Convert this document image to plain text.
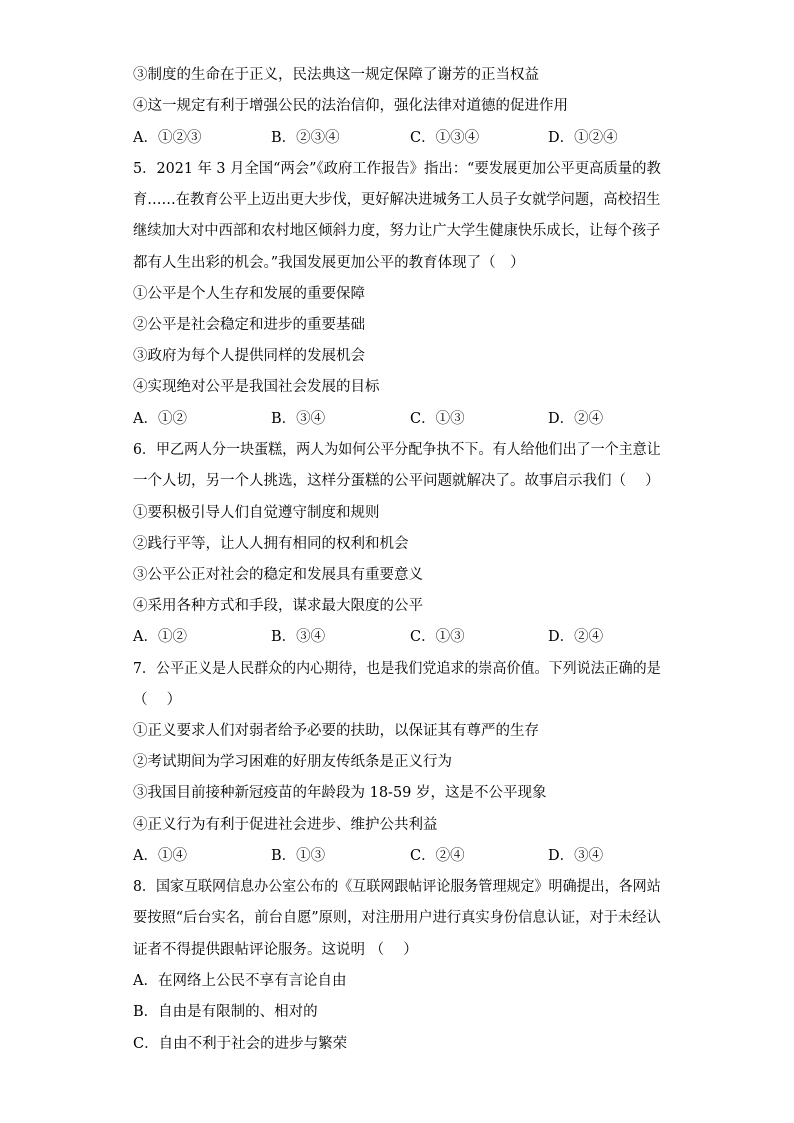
③制度的生命在于正义，民法典这一规定保障了谢芳的正当权益
④这一规定有利于增强公民的法治信仰，强化法律对道德的促进作用
A．①②③	B．②③④	C．①③④	D．①②④
5．2021 年 3 月全国“两会”《政府工作报告》指出：“要发展更加公平更高质量的教
育……在教育公平上迈出更大步伐，更好解决进城务工人员子女就学问题，高校招生
继续加大对中西部和农村地区倾斜力度，努力让广大学生健康快乐成长，让每个孩子
都有人生出彩的机会。”我国发展更加公平的教育体现了（　）
①公平是个人生存和发展的重要保障
②公平是社会稳定和进步的重要基础
③政府为每个人提供同样的发展机会
④实现绝对公平是我国社会发展的目标
A．①②	B．③④	C．①③	D．②④
6．甲乙两人分一块蛋糕，两人为如何公平分配争执不下。有人给他们出了一个主意让
一个人切，另一个人挑选，这样分蛋糕的公平问题就解决了。故事启示我们（　 ）
①要积极引导人们自觉遵守制度和规则
②践行平等，让人人拥有相同的权利和机会
③公平公正对社会的稳定和发展具有重要意义
④采用各种方式和手段，谋求最大限度的公平
A．①②	B．③④	C．①③	D．②④
7．公平正义是人民群众的内心期待，也是我们党追求的崇高价值。下列说法正确的是
（　 ）
①正义要求人们对弱者给予必要的扶助，以保证其有尊严的生存
②考试期间为学习困难的好朋友传纸条是正义行为
③我国目前接种新冠疫苗的年龄段为 18-59 岁，这是不公平现象
④正义行为有利于促进社会进步、维护公共利益
A．①④	B．①③	C．②④	D．③④
8．国家互联网信息办公室公布的《互联网跟帖评论服务管理规定》明确提出，各网站
要按照“后台实名，前台自愿”原则，对注册用户进行真实身份信息认证，对于未经认
证者不得提供跟帖评论服务。这说明 （　 ）
A．在网络上公民不享有言论自由
B．自由是有限制的、相对的
C．自由不利于社会的进步与繁荣
